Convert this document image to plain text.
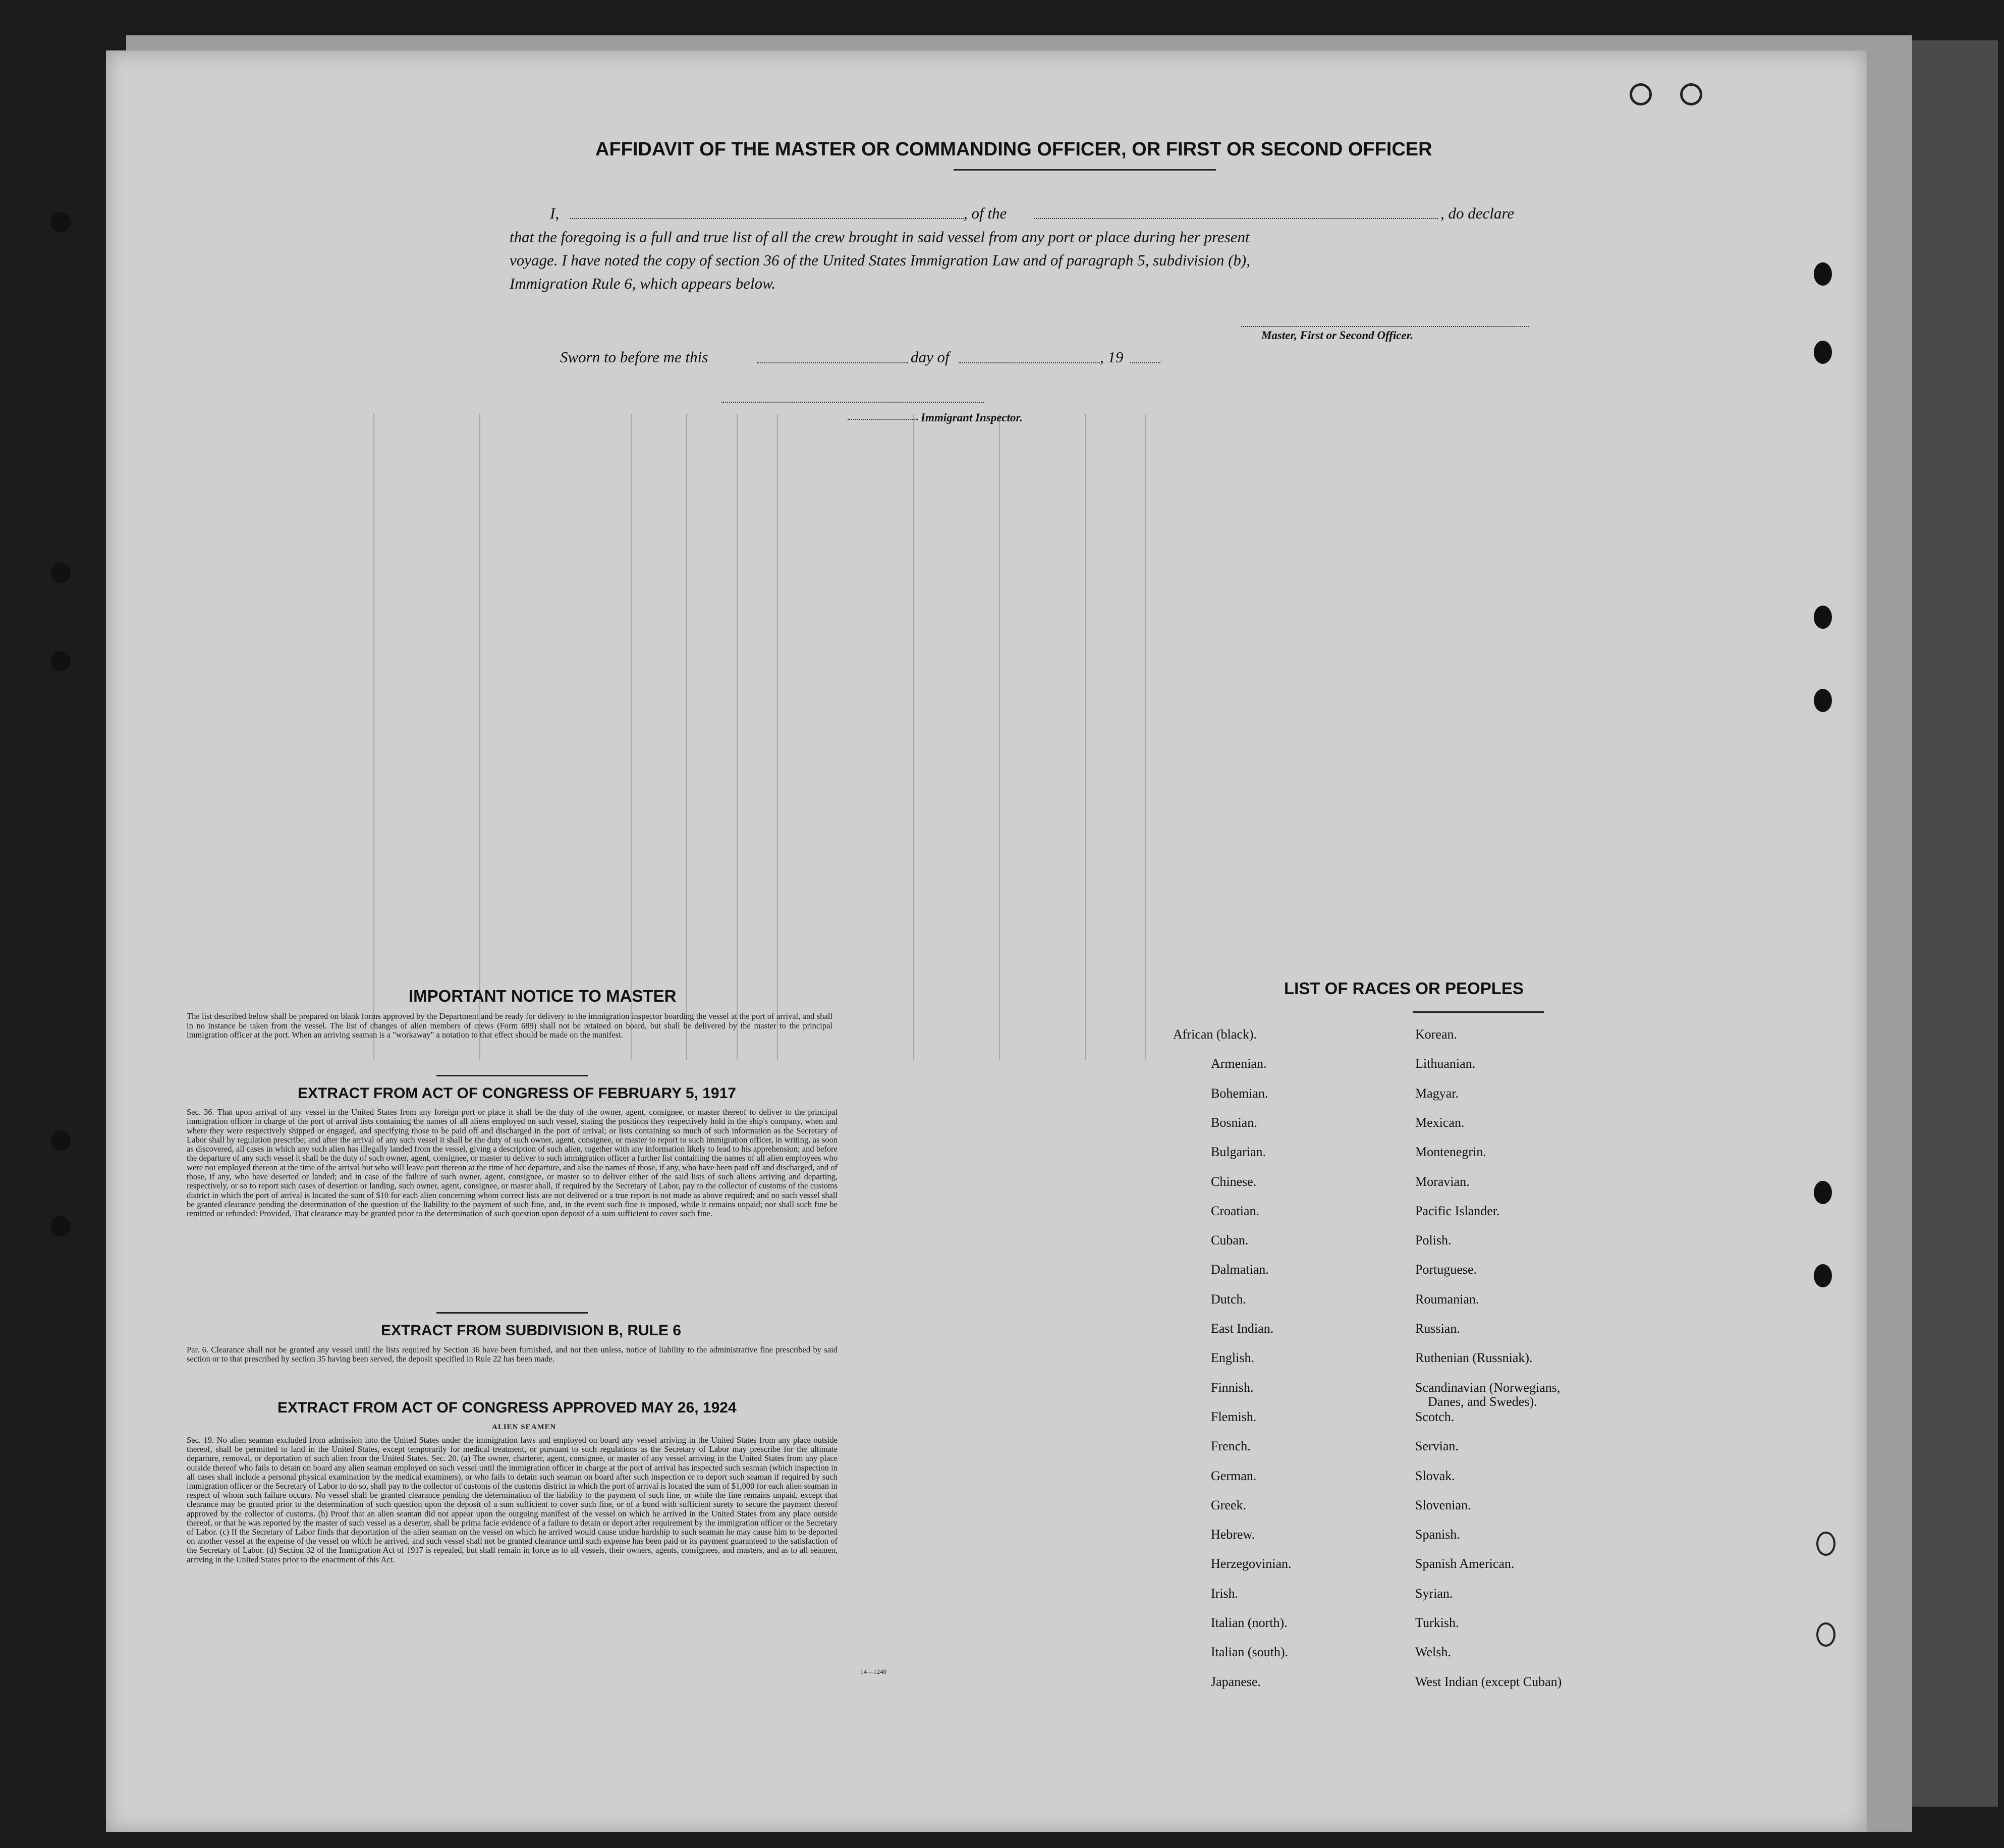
AFFIDAVIT OF THE MASTER OR COMMANDING OFFICER, OR FIRST OR SECOND OFFICER
I,	, of the	, do declare
that the foregoing is a full and true list of all the crew brought in said vessel from any port or place during her present
voyage. I have noted the copy of section 36 of the United States Immigration Law and of paragraph 5, subdivision (b),
Immigration Rule 6, which appears below.
Master, First or Second Officer.
Sworn to before me this	day of	, 19
Immigrant Inspector.
IMPORTANT NOTICE TO MASTER
The list described below shall be prepared on blank forms approved by the Department and be ready for delivery to the immigration inspector boarding the vessel at the port of arrival, and shall in no instance be taken from the vessel. The list of changes of alien members of crews (Form 689) shall not be retained on board, but shall be delivered by the master to the principal immigration officer at the port. When an arriving seaman is a "workaway" a notation to that effect should be made on the manifest.
EXTRACT FROM ACT OF CONGRESS OF FEBRUARY 5, 1917
Sec. 36. That upon arrival of any vessel in the United States from any foreign port or place it shall be the duty of the owner, agent, consignee, or master thereof to deliver to the principal immigration officer in charge of the port of arrival lists containing the names of all aliens employed on such vessel, stating the positions they respectively hold in the ship's company, when and where they were respectively shipped or engaged, and specifying those to be paid off and discharged in the port of arrival; or lists containing so much of such information as the Secretary of Labor shall by regulation prescribe; and after the arrival of any such vessel it shall be the duty of such owner, agent, consignee, or master to report to such immigration officer, in writing, as soon as discovered, all cases in which any such alien has illegally landed from the vessel, giving a description of such alien, together with any information likely to lead to his apprehension; and before the departure of any such vessel it shall be the duty of such owner, agent, consignee, or master to deliver to such immigration officer a further list containing the names of all alien employees who were not employed thereon at the time of the arrival but who will leave port thereon at the time of her departure, and also the names of those, if any, who have been paid off and discharged, and of those, if any, who have deserted or landed; and in case of the failure of such owner, agent, consignee, or master so to deliver either of the said lists of such aliens arriving and departing, respectively, or so to report such cases of desertion or landing, such owner, agent, consignee, or master shall, if required by the Secretary of Labor, pay to the collector of customs of the customs district in which the port of arrival is located the sum of $10 for each alien concerning whom correct lists are not delivered or a true report is not made as above required; and no such vessel shall be granted clearance pending the determination of the question of the liability to the payment of such fine, and, in the event such fine is imposed, while it remains unpaid; nor shall such fine be remitted or refunded: Provided, That clearance may be granted prior to the determination of such question upon deposit of a sum sufficient to cover such fine.
EXTRACT FROM SUBDIVISION B, RULE 6
Par. 6. Clearance shall not be granted any vessel until the lists required by Section 36 have been furnished, and not then unless, notice of liability to the administrative fine prescribed by said section or to that prescribed by section 35 having been served, the deposit specified in Rule 22 has been made.
EXTRACT FROM ACT OF CONGRESS APPROVED MAY 26, 1924
ALIEN SEAMEN
Sec. 19. No alien seaman excluded from admission into the United States under the immigration laws and employed on board any vessel arriving in the United States from any place outside thereof, shall be permitted to land in the United States, except temporarily for medical treatment, or pursuant to such regulations as the Secretary of Labor may prescribe for the ultimate departure, removal, or deportation of such alien from the United States. Sec. 20. (a) The owner, charterer, agent, consignee, or master of any vessel arriving in the United States from any place outside thereof who fails to detain on board any alien seaman employed on such vessel until the immigration officer in charge at the port of arrival has inspected such seaman (which inspection in all cases shall include a personal physical examination by the medical examiners), or who fails to detain such seaman on board after such inspection or to deport such seaman if required by such immigration officer or the Secretary of Labor to do so, shall pay to the collector of customs of the customs district in which the port of arrival is located the sum of $1,000 for each alien seaman in respect of whom such failure occurs. No vessel shall be granted clearance pending the determination of the liability to the payment of such fine, or while the fine remains unpaid, except that clearance may be granted prior to the determination of such question upon the deposit of a sum sufficient to cover such fine, or of a bond with sufficient surety to secure the payment thereof approved by the collector of customs. (b) Proof that an alien seaman did not appear upon the outgoing manifest of the vessel on which he arrived in the United States from any place outside thereof, or that he was reported by the master of such vessel as a deserter, shall be prima facie evidence of a failure to detain or deport after requirement by the immigration officer or the Secretary of Labor. (c) If the Secretary of Labor finds that deportation of the alien seaman on the vessel on which he arrived would cause undue hardship to such seaman he may cause him to be deported on another vessel at the expense of the vessel on which he arrived, and such vessel shall not be granted clearance until such expense has been paid or its payment guaranteed to the satisfaction of the Secretary of Labor. (d) Section 32 of the Immigration Act of 1917 is repealed, but shall remain in force as to all vessels, their owners, agents, consignees, and masters, and as to all seamen, arriving in the United States prior to the enactment of this Act.
14—1240
LIST OF RACES OR PEOPLES
African (black).
Armenian.
Bohemian.
Bosnian.
Bulgarian.
Chinese.
Croatian.
Cuban.
Dalmatian.
Dutch.
East Indian.
English.
Finnish.
Flemish.
French.
German.
Greek.
Hebrew.
Herzegovinian.
Irish.
Italian (north).
Italian (south).
Japanese.
Korean.
Lithuanian.
Magyar.
Mexican.
Montenegrin.
Moravian.
Pacific Islander.
Polish.
Portuguese.
Roumanian.
Russian.
Ruthenian (Russniak).
Scandinavian (Norwegians,
Danes, and Swedes).
Scotch.
Servian.
Slovak.
Slovenian.
Spanish.
Spanish American.
Syrian.
Turkish.
Welsh.
West Indian (except Cuban)
